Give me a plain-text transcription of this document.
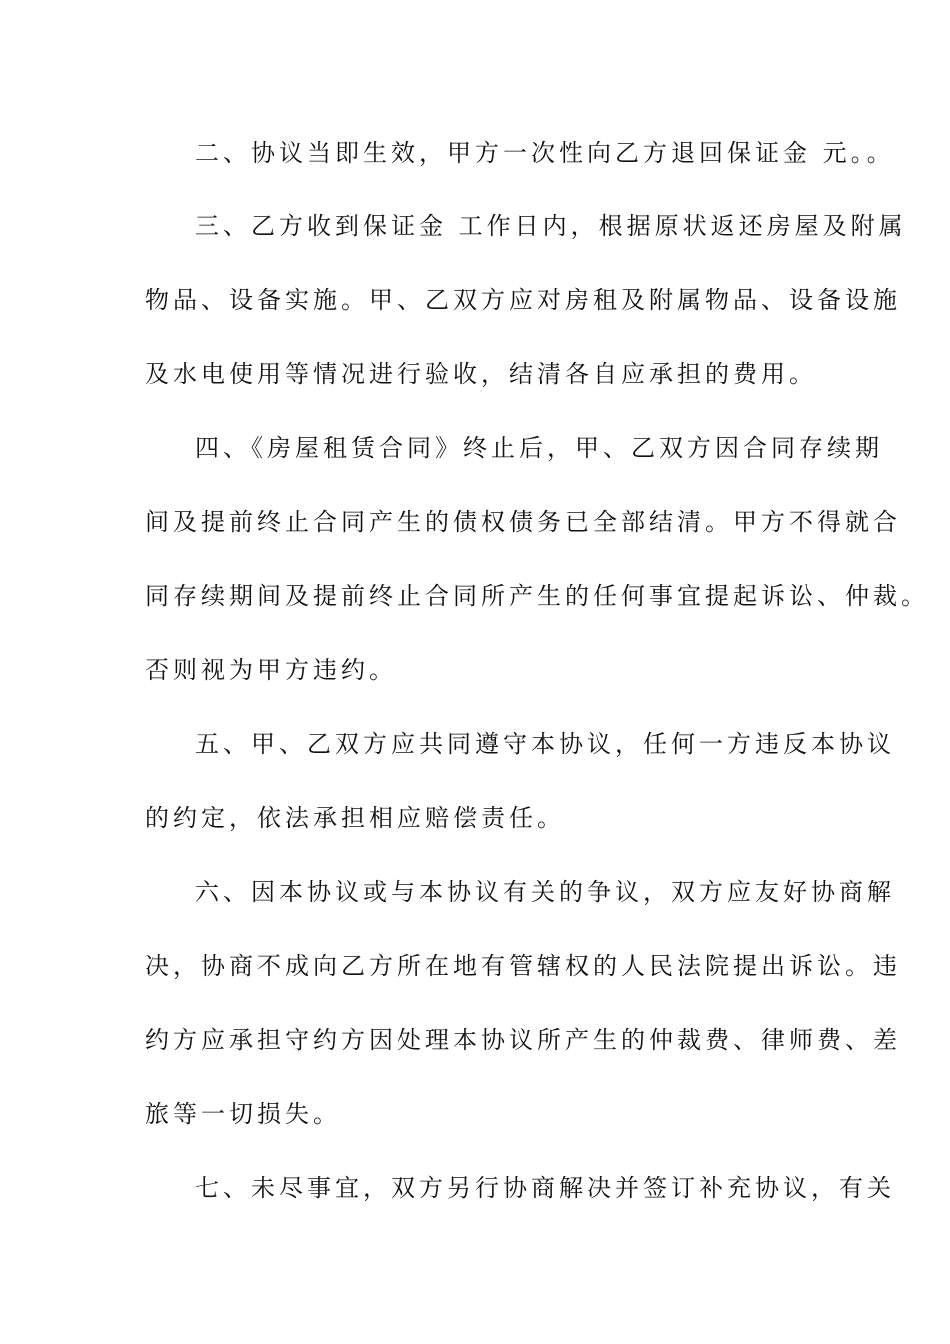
二、协议当即生效，甲方一次性向乙方退回保证金 元。。
三、乙方收到保证金 工作日内，根据原状返还房屋及附属
物品、设备实施。甲、乙双方应对房租及附属物品、设备设施
及水电使用等情况进行验收，结清各自应承担的费用。
四、《房屋租赁合同》终止后，甲、乙双方因合同存续期
间及提前终止合同产生的债权债务已全部结清。甲方不得就合
同存续期间及提前终止合同所产生的任何事宜提起诉讼、仲裁。
否则视为甲方违约。
五、甲、乙双方应共同遵守本协议，任何一方违反本协议
的约定，依法承担相应赔偿责任。
六、因本协议或与本协议有关的争议，双方应友好协商解
决，协商不成向乙方所在地有管辖权的人民法院提出诉讼。违
约方应承担守约方因处理本协议所产生的仲裁费、律师费、差
旅等一切损失。
七、未尽事宜，双方另行协商解决并签订补充协议，有关
